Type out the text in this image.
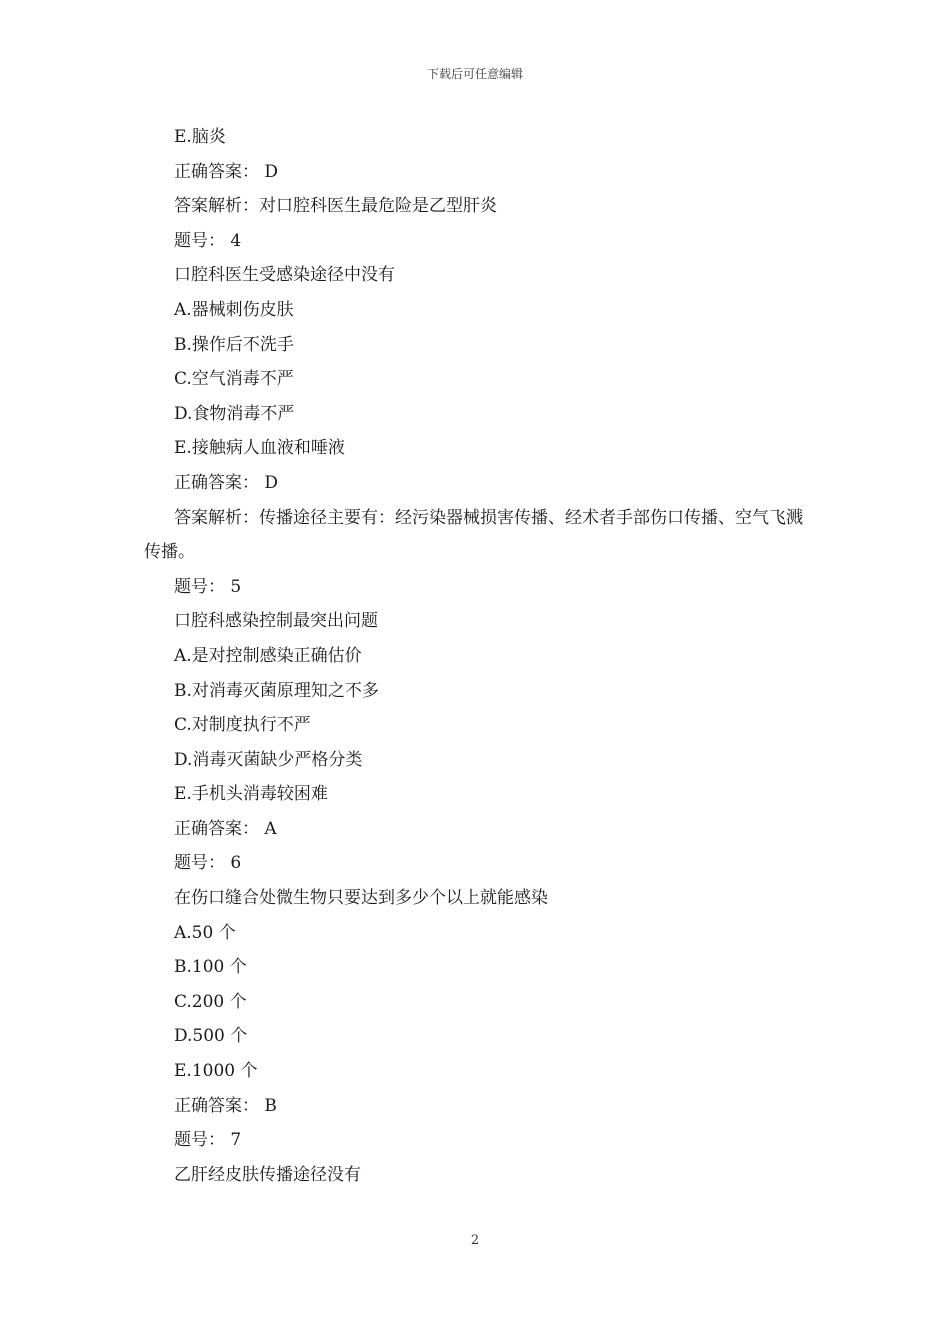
下载后可任意编辑
E.脑炎
正确答案： D
答案解析：对口腔科医生最危险是乙型肝炎
题号： 4
口腔科医生受感染途径中没有
A.器械刺伤皮肤
B.操作后不洗手
C.空气消毒不严
D.食物消毒不严
E.接触病人血液和唾液
正确答案： D

答案解析：传播途径主要有：经污染器械损害传播、经术者手部伤口传播、空气飞溅传播。

题号： 5
口腔科感染控制最突出问题
A.是对控制感染正确估价
B.对消毒灭菌原理知之不多
C.对制度执行不严
D.消毒灭菌缺少严格分类
E.手机头消毒较困难
正确答案： A
题号： 6
在伤口缝合处微生物只要达到多少个以上就能感染
A.50 个
B.100 个
C.200 个
D.500 个
E.1000 个
正确答案： B
题号： 7
乙肝经皮肤传播途径没有
2
